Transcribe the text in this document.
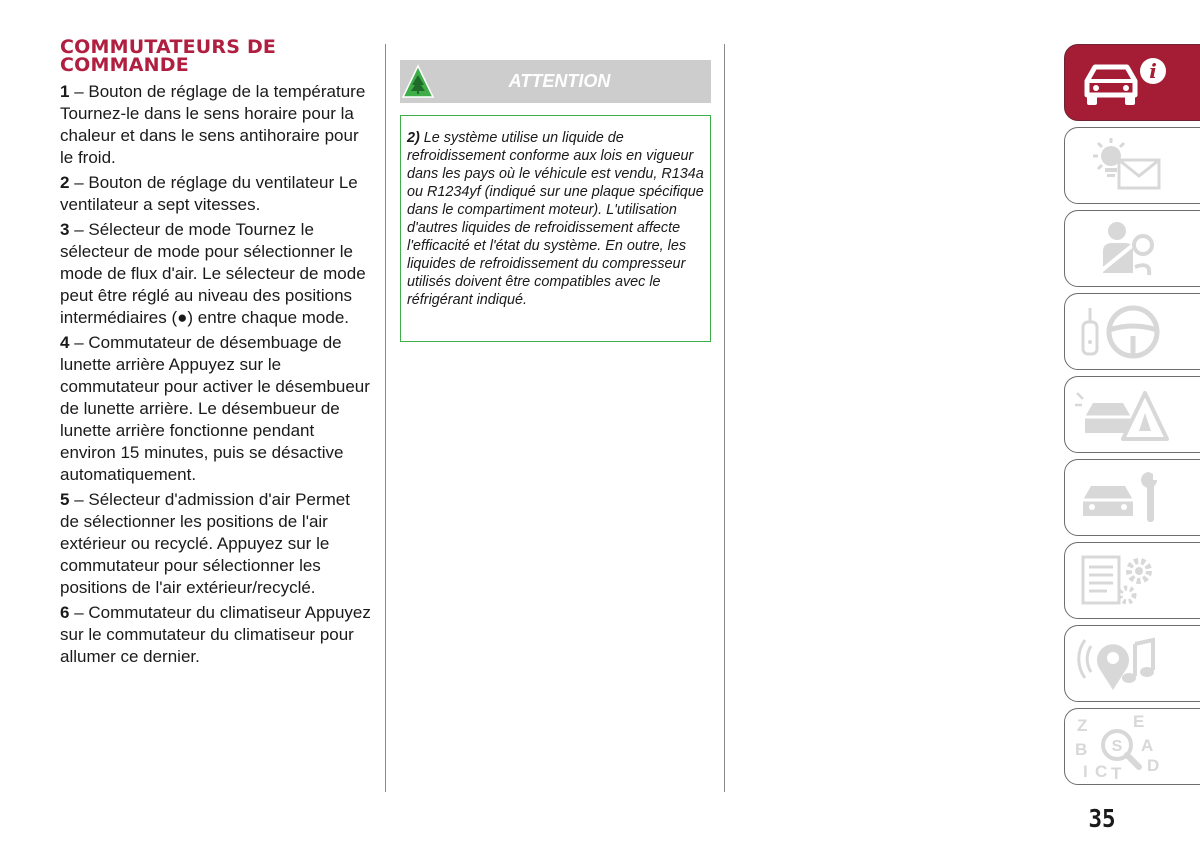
COMMUTATEURS DE
COMMANDE

1 – Bouton de réglage de la température Tournez-le dans le sens horaire pour la chaleur et dans le sens antihoraire pour le froid.

2 – Bouton de réglage du ventilateur Le ventilateur a sept vitesses.

3 – Sélecteur de mode Tournez le sélecteur de mode pour sélectionner le mode de flux d'air. Le sélecteur de mode peut être réglé au niveau des positions intermédiaires (●) entre chaque mode.

4 – Commutateur de désembuage de lunette arrière Appuyez sur le commutateur pour activer le désembueur de lunette arrière. Le désembueur de lunette arrière fonctionne pendant environ 15 minutes, puis se désactive automatiquement.

5 – Sélecteur d'admission d'air Permet de sélectionner les positions de l'air extérieur ou recyclé. Appuyez sur le commutateur pour sélectionner les positions de l'air extérieur/recyclé.

6 – Commutateur du climatiseur Appuyez sur le commutateur du climatiseur pour allumer ce dernier.

ATTENTION

2) Le système utilise un liquide de refroidissement conforme aux lois en vigueur dans les pays où le véhicule est vendu, R134a ou R1234yf (indiqué sur une plaque spécifique dans le compartiment moteur). L'utilisation d'autres liquides de refroidissement affecte l'efficacité et l'état du système. En outre, les liquides de refroidissement du compresseur utilisés doivent être compatibles avec le réfrigérant indiqué.

i
Z	E
B	A
I C T D
S
35
